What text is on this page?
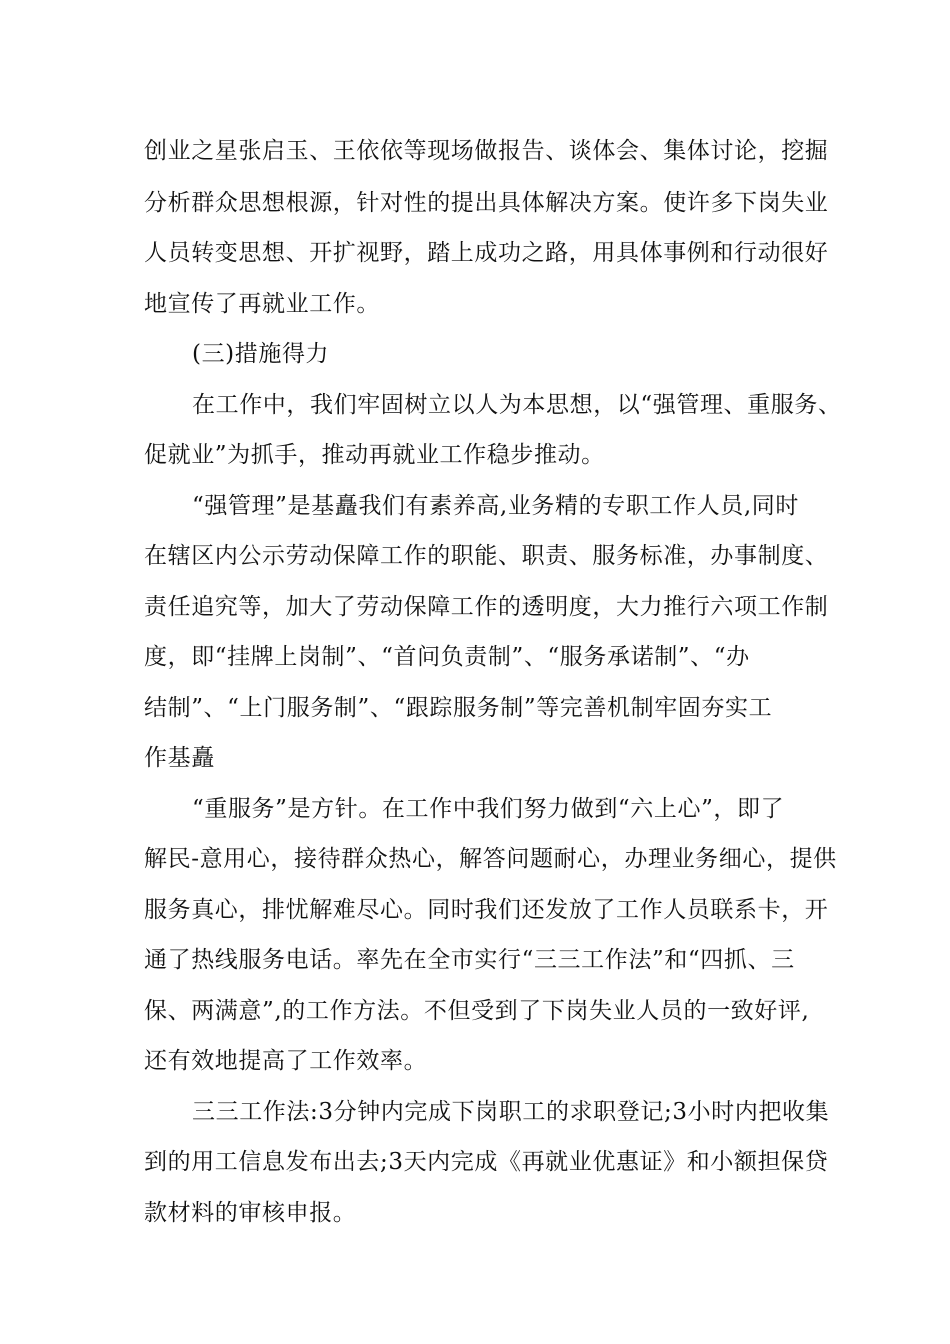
创业之星张启玉、王依依等现场做报告、谈体会、集体讨论，挖掘
分析群众思想根源，针对性的提出具体解决方案。使许多下岗失业
人员转变思想、开扩视野，踏上成功之路，用具体事例和行动很好
地宣传了再就业工作。
(三)措施得力
在工作中，我们牢固树立以人为本思想，以“强管理、重服务、
促就业”为抓手，推动再就业工作稳步推动。
“强管理”是基矗我们有素养高,业务精的专职工作人员,同时
在辖区内公示劳动保障工作的职能、职责、服务标准，办事制度、
责任追究等，加大了劳动保障工作的透明度，大力推行六项工作制
度，即“挂牌上岗制”、“首问负责制”、“服务承诺制”、“办
结制”、“上门服务制”、“跟踪服务制”等完善机制牢固夯实工
作基矗
“重服务”是方针。在工作中我们努力做到“六上心”，即了
解民-意用心，接待群众热心，解答问题耐心，办理业务细心，提供
服务真心，排忧解难尽心。同时我们还发放了工作人员联系卡，开
通了热线服务电话。率先在全市实行“三三工作法”和“四抓、三
保、两满意”,的工作方法。不但受到了下岗失业人员的一致好评,
还有效地提高了工作效率。
三三工作法:3分钟内完成下岗职工的求职登记;3小时内把收集
到的用工信息发布出去;3天内完成《再就业优惠证》和小额担保贷
款材料的审核申报。
